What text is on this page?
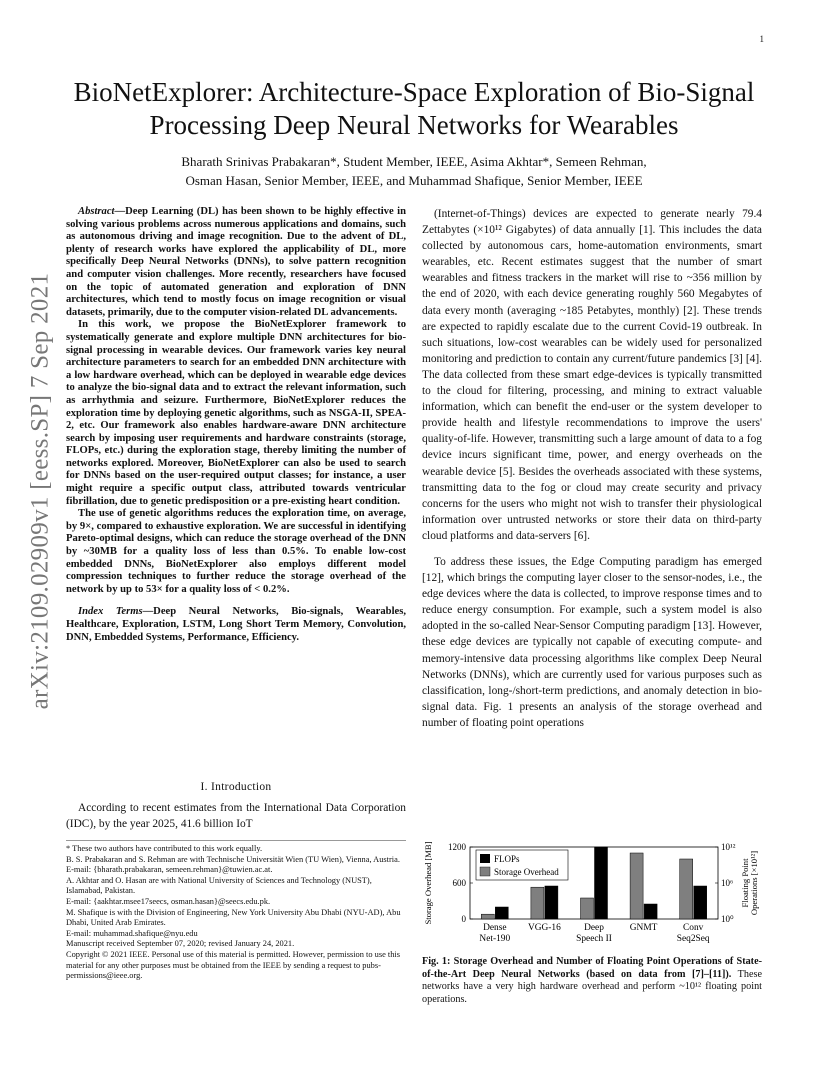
1
arXiv:2109.02909v1 [eess.SP] 7 Sep 2021
BioNetExplorer: Architecture-Space Exploration of Bio-Signal Processing Deep Neural Networks for Wearables
Bharath Srinivas Prabakaran*, Student Member, IEEE, Asima Akhtar*, Semeen Rehman,
Osman Hasan, Senior Member, IEEE, and Muhammad Shafique, Senior Member, IEEE

Abstract—Deep Learning (DL) has been shown to be highly effective in solving various problems across numerous applications and domains, such as autonomous driving and image recognition. Due to the advent of DL, plenty of research works have explored the applicability of DL, more specifically Deep Neural Networks (DNNs), to solve pattern recognition and computer vision challenges. More recently, researchers have focused on the topic of automated generation and exploration of DNN architectures, which tend to mostly focus on image recognition or visual datasets, primarily, due to the computer vision-related DL advancements.

In this work, we propose the BioNetExplorer framework to systematically generate and explore multiple DNN architectures for bio-signal processing in wearable devices. Our framework varies key neural architecture parameters to search for an embedded DNN architecture with a low hardware overhead, which can be deployed in wearable edge devices to analyze the bio-signal data and to extract the relevant information, such as arrhythmia and seizure. Furthermore, BioNetExplorer reduces the exploration time by deploying genetic algorithms, such as NSGA-II, SPEA-2, etc. Our framework also enables hardware-aware DNN architecture search by imposing user requirements and hardware constraints (storage, FLOPs, etc.) during the exploration stage, thereby limiting the number of networks explored. Moreover, BioNetExplorer can also be used to search for DNNs based on the user-required output classes; for instance, a user might require a specific output class, attributed towards ventricular fibrillation, due to genetic predisposition or a pre-existing heart condition.

The use of genetic algorithms reduces the exploration time, on average, by 9×, compared to exhaustive exploration. We are successful in identifying Pareto-optimal designs, which can reduce the storage overhead of the DNN by ~30MB for a quality loss of less than 0.5%. To enable low-cost embedded DNNs, BioNetExplorer also employs different model compression techniques to further reduce the storage overhead of the network by up to 53× for a quality loss of < 0.2%.

Index Terms—Deep Neural Networks, Bio-signals, Wearables, Healthcare, Exploration, LSTM, Long Short Term Memory, Convolution, DNN, Embedded Systems, Performance, Efficiency.

I. Introduction

According to recent estimates from the International Data Corporation (IDC), by the year 2025, 41.6 billion IoT

* These two authors have contributed to this work equally.
B. S. Prabakaran and S. Rehman are with Technische Universität Wien (TU Wien), Vienna, Austria.
E-mail: {bharath.prabakaran, semeen.rehman}@tuwien.ac.at.
A. Akhtar and O. Hasan are with National University of Sciences and Technology (NUST), Islamabad, Pakistan.
E-mail: {aakhtar.msee17seecs, osman.hasan}@seecs.edu.pk.
M. Shafique is with the Division of Engineering, New York University Abu Dhabi (NYU-AD), Abu Dhabi, United Arab Emirates.
E-mail: muhammad.shafique@nyu.edu
Manuscript received September 07, 2020; revised January 24, 2021.
Copyright © 2021 IEEE. Personal use of this material is permitted. However, permission to use this material for any other purposes must be obtained from the IEEE by sending a request to pubs-permissions@ieee.org.

(Internet-of-Things) devices are expected to generate nearly 79.4 Zettabytes (×10¹² Gigabytes) of data annually [1]. This includes the data collected by autonomous cars, home-automation environments, smart wearables, etc. Recent estimates suggest that the number of smart wearables and fitness trackers in the market will rise to ~356 million by the end of 2020, with each device generating roughly 560 Megabytes of data every month (averaging ~185 Petabytes, monthly) [2]. These trends are expected to rapidly escalate due to the current Covid-19 outbreak. In such situations, low-cost wearables can be widely used for personalized monitoring and prediction to contain any current/future pandemics [3] [4]. The data collected from these smart edge-devices is typically transmitted to the cloud for filtering, processing, and mining to extract valuable information, which can benefit the end-user or the system developer to provide health and lifestyle recommendations to improve the users' quality-of-life. However, transmitting such a large amount of data to a fog device incurs significant time, power, and energy overheads on the wearable device [5]. Besides the overheads associated with these systems, transmitting data to the fog or cloud may create security and privacy concerns for the users who might not wish to transfer their physiological information over untrusted networks or store their data on third-party cloud platforms and data-servers [6].

To address these issues, the Edge Computing paradigm has emerged [12], which brings the computing layer closer to the sensor-nodes, i.e., the edge devices where the data is collected, to improve response times and to reduce energy consumption. For example, such a system model is also adopted in the so-called Near-Sensor Computing paradigm [13]. However, these edge devices are typically not capable of executing compute- and memory-intensive data processing algorithms like complex Deep Neural Networks (DNNs), which are currently used for various purposes such as classification, long-/short-term predictions, and anomaly detection in bio-signal data. Fig. 1 presents an analysis of the storage overhead and number of floating point operations

1200
600
0
10¹²
10⁶
10⁰
Storage Overhead [MB]	Floating Point Operations [×10¹²]
Dense
Net-190
VGG-16 Deep
Speech II
GNMT	Conv
Seq2Seq
FLOPs
Storage Overhead
Fig. 1: Storage Overhead and Number of Floating Point Operations of State-of-the-Art Deep Neural Networks (based on data from [7]–[11]). These networks have a very high hardware overhead and perform ~10¹² floating point operations.
